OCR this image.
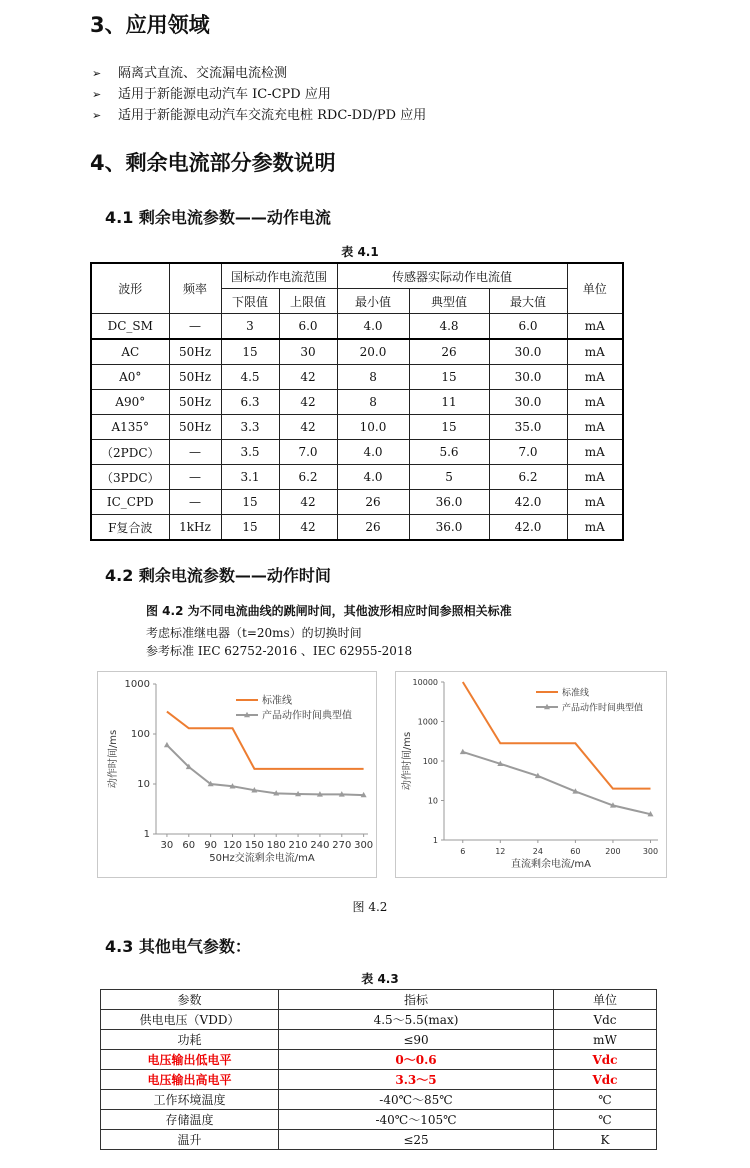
3、应用领域
➢ 隔离式直流、交流漏电流检测
➢ 适用于新能源电动汽车 IC-CPD 应用
➢ 适用于新能源电动汽车交流充电桩 RDC-DD/PD 应用
4、剩余电流部分参数说明
4.1 剩余电流参数——动作电流
表 4.1
波形	频率	国标动作电流范围		传感器实际动作电流值			单位
		下限值	上限值	最小值	典型值	最大值	
DC_SM	—	3	6.0	4.0	4.8	6.0	mA
AC	50Hz	15	30	20.0	26	30.0	mA
A0°	50Hz	4.5	42	8	15	30.0	mA
A90°	50Hz	6.3	42	8	11	30.0	mA
A135°	50Hz	3.3	42	10.0	15	35.0	mA
（2PDC）	—	3.5	7.0	4.0	5.6	7.0	mA
（3PDC）	—	3.1	6.2	4.0	5	6.2	mA
IC_CPD	—	15	42	26	36.0	42.0	mA
F复合波	1kHz	15	42	26	36.0	42.0	mA
4.2 剩余电流参数——动作时间
图 4.2 为不同电流曲线的跳闸时间，其他波形相应时间参照相关标准
考虑标准继电器（t=20ms）的切换时间
参考标准 IEC 62752-2016 、IEC 62955-2018
1
10
100
1000
30 60 90 120 150 180 210 240 270 300
50Hz交流剩余电流/mA
动作时间/ms
标准线
产品动作时间典型值
1
10
100
1000
10000
6	12	24	60	200	300
直流剩余电流/mA
动作时间/ms
标准线
产品动作时间典型值
图 4.2
4.3 其他电气参数：
表 4.3
参数	指标	单位
供电电压（VDD）	4.5～5.5(max)	Vdc
功耗	≤90	mW
电压输出低电平	0～0.6	Vdc
电压输出高电平	3.3～5	Vdc
工作环境温度	-40℃～85℃	℃
存储温度	-40℃～105℃	℃
温升	≤25	K
